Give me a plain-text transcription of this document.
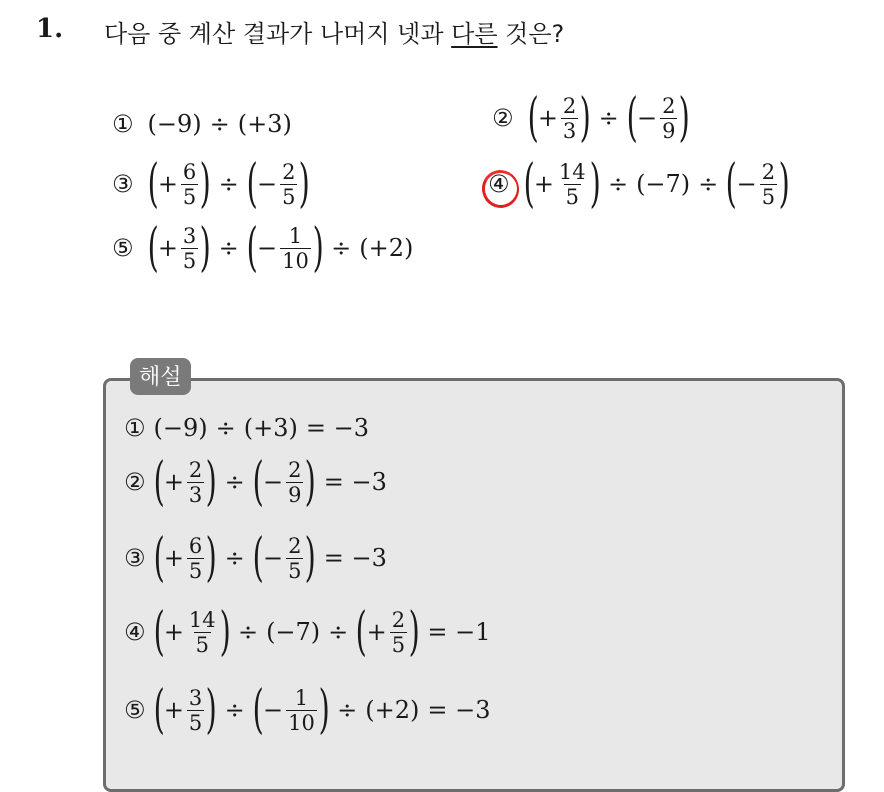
1. 다음 중 계산 결과가 나머지 넷과 다른 것은?
① (−9) ÷ (+3)	② ( + $\frac{2}{3}$ ) ÷ ( − $\frac{2}{9}$ )
③ ( + $\frac{6}{5}$ ) ÷ ( − $\frac{2}{5}$ )	④ ( + $\frac{14}{5}$ ) ÷ (−7) ÷ ( − $\frac{2}{5}$ )
⑤ ( + $\frac{3}{5}$ ) ÷ ( − $\frac{1}{10}$ ) ÷ (+2)
해설
① (−9) ÷ (+3) = −3
② ( + $\frac{2}{3}$ ) ÷ ( − $\frac{2}{9}$ ) = −3
③ ( + $\frac{6}{5}$ ) ÷ ( − $\frac{2}{5}$ ) = −3
④ ( + $\frac{14}{5}$ ) ÷ (−7) ÷ ( + $\frac{2}{5}$ ) = −1
⑤ ( + $\frac{3}{5}$ ) ÷ ( − $\frac{1}{10}$ ) ÷ (+2) = −3
